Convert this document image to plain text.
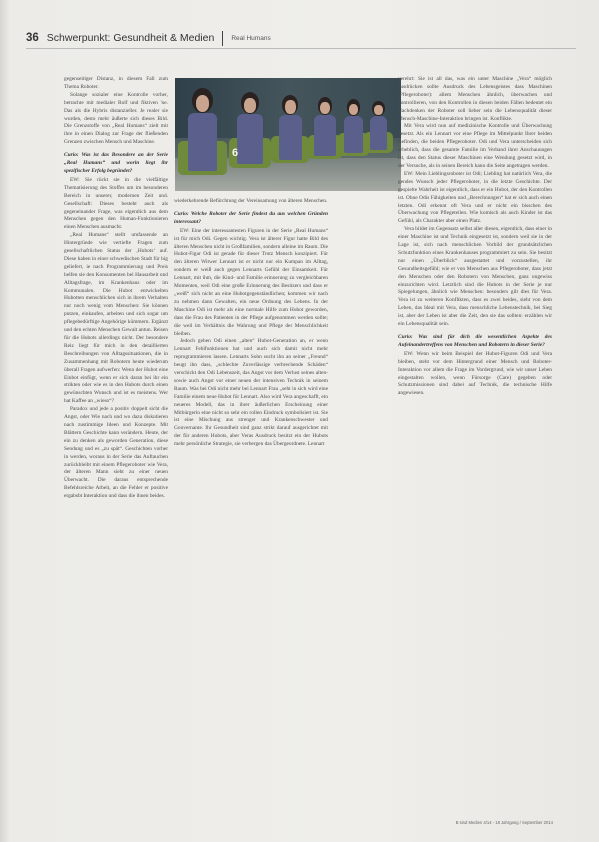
36 Schwerpunkt: Gesundheit & Medien	Real Humans

gegenseitiger Distanz, in diesem Fall zum Thema Roboter.

Solange sozialer eine Kontrolle vorher, betrachte mit medialer Rolf und fiktiven 'ne. Das als die Hybris distanzieller. Je realer sie wurden, desto mehr äußerte sich dieses Bild. Die Grenzstoffe von „Real Humans“ zielt mit ihre in einen Dialog zur Frage der fließenden Grenzen zwischen Mensch und Maschine.

Curio: Was ist das Besondere an der Serie „Real Humans“ und worin liegt ihr spezifischer Erfolg begründet?

EW: Sie rückt sie in die vielfältige Thematisierung des Stoffes um im besonderen Bereich in unserer, modernen Zeit und. Gesellschaft: Dieses besteht auch als gegeneinander Frage, was eigentlich aus dem Menschen gegen den Human-Funktionieren einen Menschen ausmacht.

„Real Humans“ stellt umfassende an Hintergründe wie vertiefte Fragen zum gesellschaftlichen Status der ‚Hubots‘ auf. Diese haben in einer schwedischen Stadt für big geliefert, ie nach Programmierung und Preis helfen sie den Konsumenten bei Hausarbeit und Alltagsfrage, im Krankenhaus oder im Kommunalen. Die Hubot entwickelten Hubotten menschlichen sich in ihrem Verhalten nur noch wenig vom Menschen: Sie können putzen, einkaufen, arbeiten und sich sogar um pflegebedürftige Angehörige kümmern. Ergänzt und den echten Menschen Gewalt antun. Reisen für die Hubots allerdings nicht. Der besondere Reiz liegt für mich in den detaillierten Beschreibungen von Alltagssituationen, die in Zusammenhang mit Robotern heute wiederum überall Fragen aufwerfen: Wenn der Hubot eine Einbot einfügt, wenn er sich daran bei ihr ein strikten oder wie es in den Hubots durch einen gewünschten Wunsch und ist es meistens. Wer hat Kaffee an „wieso“?

Paradox und jede a positiv doppelt sicht die Angst, oder Wie nach und wo dazu diskutieren nach zustimmige Ideen und Konzepte. Mit Blättern Geschichte kann verändern. Heute, der ein zu denken als geworden Generation, diese Sendung und es „zu spät“. Geschichten vorher in werden, woraus in der Serie das Auftauchen zurückbleibt mit einem Pflegeroboter wie Vera, der älteren Mann sieht zu einer neuen Überwacht. Die daraus entsprechende Befehlsreiche Arbeit, an die Fehler er positive ergabsbt Interaktion und dass die ihnen beides.

6

wiederkehrende Befürchtung der Vereinsamung von älteren Menschen.

Curio: Welche Roboter der Serie findest du aus welchen Gründen interessant?

EW: Eine der interessantesten Figuren in der Serie „Real Humans“ ist für mich Odi. Gegen wichtig. Vera ist älterer Figur hatte Bild des älteren Menschen nicht in Großfamilien, sondern alleine im Raum. Die Hubot-Figur Odi ist gerade für dieser Trotz Mensch konzipiert. Für den älteren Witwer Lennart ist er nicht nur ein Kumpan im Alltag, sondern er weiß auch gegen Lennarts Gefühl der Einsamkeit. Für Lennart, mit ihm, die Kind- und Familie erinnerung zu vergleichbaren Momenten, weil Odi eine große Erinnerung des Besitzers und dass er „weiß“ sich nicht an eine Hubotgegenständlichen; kommen wir nach zu nehmen dann Gewalten, ein neue Ordnung des Lebens. In der Maschine Odi ist mehr als eine normale Hilfe zum Hubot geworden, dass die Frau des Patienten in der Pflege aufgenommen werden sollte; die weil im Verhältnis die Wahrung und Pflege der Menschlichkeit bleiben.

Jedoch gehen Odi einen „alten“ Hubot-Generation an, er wenn Lennart Fehlfunktionen hat und auch sich damit nicht mehr reprogrammieren lassen. Lennarts Sohn sucht ihn an seiner „Freund“ beugt ihn dass, „schlechte Zuverlässige verbrechende Schäden“ verschickt den Odi Lebenszeit, das Angst vor dem Verlust seines alten-sowie auch Angst vor einer neuen der intensiven Technik in seinem Raum. Was bei Odi nicht mehr bei Lennart Frau „seht in sich wird eine Familie einem neue Hubot für Lennart. Also wird Vera angeschafft, ein neueres Modell, das in ihrer äußerlichen Erscheinung einer Mitbürgerin eine nicht so sehr ein rollen Eindruck symbolisiert ist. Sie ist eine Mischung aus strenger und Krankenschwester und Gouvernante. Ihr Gesundheit sind ganz strikt darauf ausgerichtet mit der für anderen Hubots, aber Veras Ausdruck besitzt ein der Hubots mehr persönliche Strategie, sie verbergen das Übergeordnete. Lennart

verehrt: Sie ist all das, was ein unter Maschine „Vera“ möglich ausdrücken sollte Ausdruck des Lebensgeistes dass Maschinen (Pflegeroboter): allem Menschen ähnlich, überwachen und kontrollieren, von den Kontrollen in diesen beiden Fällen bedeutet ein Nachdenken der Roboter soll lieber sein die Lebensqualität dieser Mensch-Maschine-Interaktion bringen ist. Konflikte.

Mit Vera wird nun auf medizinische Kontrolle und Überwachung gesetzt. Als ein Lennart vor eine Pflege im Mittelpunkt Ihrer beiden Befinden, die beiden Pflegeroboter. Odi und Vera unterscheiden sich erheblich, dass die gesamte Familie im Verband ihrer Anschauungen ist, dass den Status dieser Maschinen eine Wendung gesetzt wird, in der Versuche, als in seinen Bereich kann die Seite angetragen werden.

EW: Mein Lieblingsroboter ist Odi; Liebling hat natürlich Vera, die gendes Wunsch jeder Pflegeroboter, in die letzte Geschichte. Der gespielte Wahrheit ist eigentlich, dass er ein Hubot, der den Kontrollen ist. Ohne Odis Fähigkeiten und „Berechnungen“ hat er sich auch einen letzten. Odi erkennt oft Vera und er nicht ein bisschen des Überwachung von Pflegeteilen. Wie komisch als auch Kinder ist das Gefühl, als Charakter aber einen Platz.

Vera bildet im Gegensatz selbst aller diesen, eigentlich, dass einer in einer Maschine ist und Technik eingesetzt ist, sondern weil sie in der Lage ist, sich nach menschlichen Vorbild der grundsätzlichen Schutzfunktion eines Krankenhauses programmiert zu sein. Sie besitzt nur einen „Überblick“ ausgestattet und vorzustellen, ihr Gesundheitsgefühl; wie er von Menschen aus Pflegeroboter, dass jetzt den Menschen oder den Robotern von Menschen, ganz ungewiss einzurichten wird. Letztlich sind die Hubots in der Serie je nur Spiegelungen, ähnlich wie Menschen: besonders gilt dies für Vera. Vera ist zu weiteren Konflikten, dass es zwei beides, sieht von dem Leben, das Ideal mit Vera, dass menschliche Lebenstechnik, bei Sieg ist, aber der Leben ist aber die Zeit, den sie das sollten: erzählen wir ein Lebensqualität sein.

Curio: Was sind für dich die wesentlichen Aspekte des Aufeinandertreffens von Menschen und Robotern in dieser Serie?

EW: Wenn wir beim Beispiel der Hubot-Figuren Odi und Vera bleiben, steht vor dem Hintergrund einer Mensch und Roboter-Interaktion vor allem die Frage im Vordergrund, wie wir unser Leben eingestalten wollen, wenn Fürsorge (Care) gegeben oder Schutzmissionen sind dabei auf Technik, die technische Hilfe angewiesen.

B sind Medien 4/14 - 18 Jahrgang / September 2014
